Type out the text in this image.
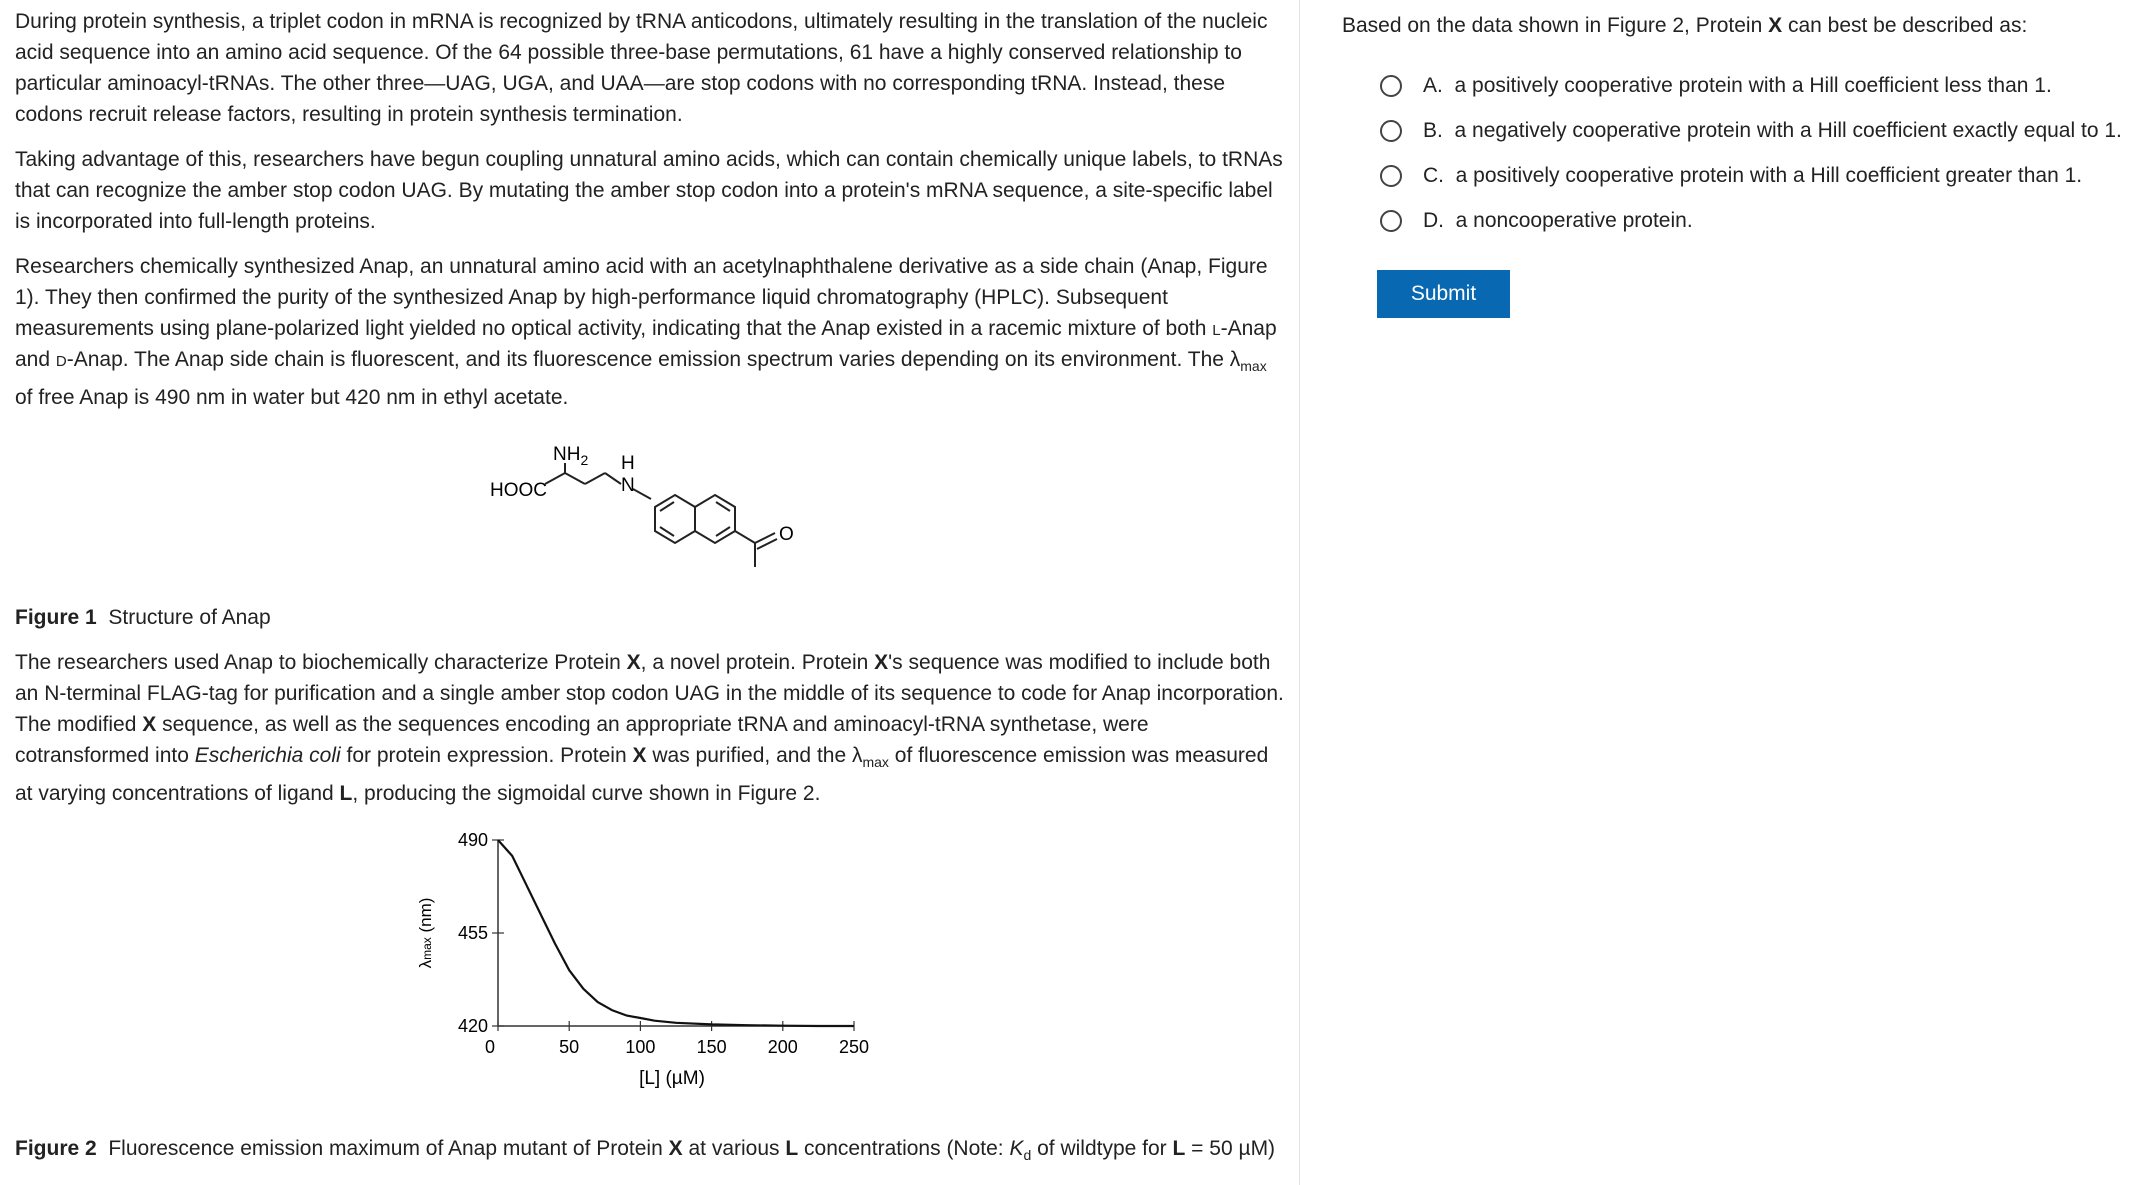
During protein synthesis, a triplet codon in mRNA is recognized by tRNA anticodons, ultimately resulting in the translation of the nucleic acid sequence into an amino acid sequence. Of the 64 possible three-base permutations, 61 have a highly conserved relationship to particular aminoacyl-tRNAs. The other three—UAG, UGA, and UAA—are stop codons with no corresponding tRNA. Instead, these codons recruit release factors, resulting in protein synthesis termination.

Taking advantage of this, researchers have begun coupling unnatural amino acids, which can contain chemically unique labels, to tRNAs that can recognize the amber stop codon UAG. By mutating the amber stop codon into a protein's mRNA sequence, a site-specific label is incorporated into full-length proteins.

Researchers chemically synthesized Anap, an unnatural amino acid with an acetylnaphthalene derivative as a side chain (Anap, Figure 1). They then confirmed the purity of the synthesized Anap by high-performance liquid chromatography (HPLC). Subsequent measurements using plane-polarized light yielded no optical activity, indicating that the Anap existed in a racemic mixture of both l-Anap and d-Anap. The Anap side chain is fluorescent, and its fluorescence emission spectrum varies depending on its environment. The $\lambda_{max}$ of free Anap is 490 nm in water but 420 nm in ethyl acetate.

HOOC
$NH_2$ H
N
O

Figure 1 Structure of Anap

The researchers used Anap to biochemically characterize Protein X, a novel protein. Protein X's sequence was modified to include both an N-terminal FLAG-tag for purification and a single amber stop codon UAG in the middle of its sequence to code for Anap incorporation. The modified X sequence, as well as the sequences encoding an appropriate tRNA and aminoacyl-tRNA synthetase, were cotransformed into Escherichia coli for protein expression. Protein X was purified, and the $\lambda_{max}$ of fluorescence emission was measured at varying concentrations of ligand L, producing the sigmoidal curve shown in Figure 2.

0	50	100 150 200 250
420
455
490
[L] (µM)
λmax (nm)

Figure 2 Fluorescence emission maximum of Anap mutant of Protein X at various L concentrations (Note: $K_d$ of wildtype for L = 50 µM)

Based on the data shown in Figure 2, Protein X can best be described as:
A.
a positively cooperative protein with a Hill coefficient less than 1.
B.
a negatively cooperative protein with a Hill coefficient exactly equal to 1.
C.
a positively cooperative protein with a Hill coefficient greater than 1.
D.
a noncooperative protein.
Submit
